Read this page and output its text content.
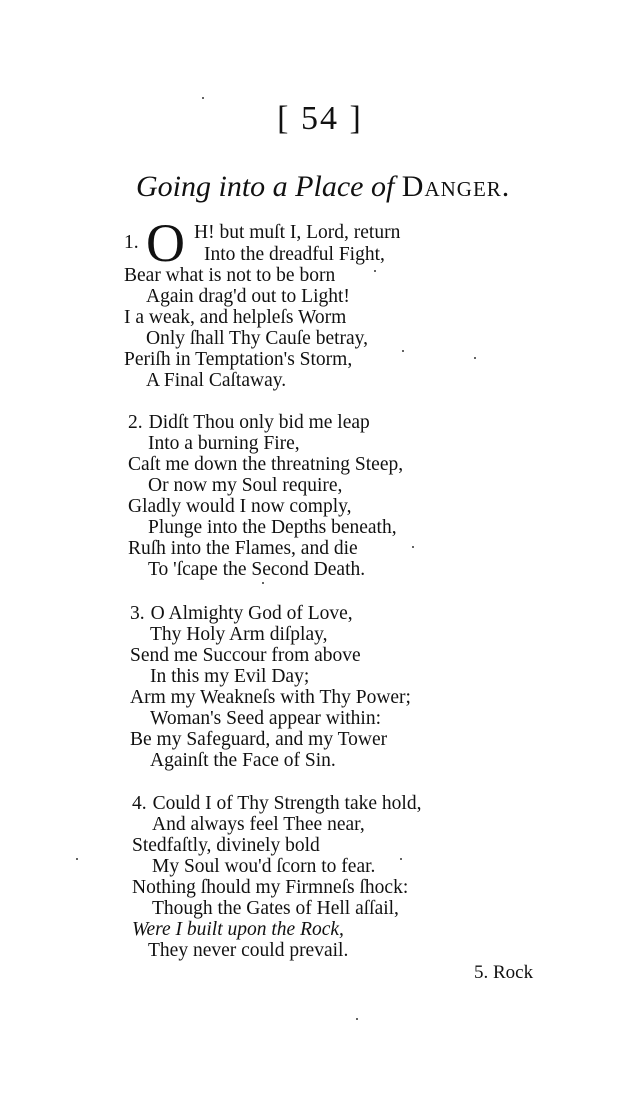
[ 54 ]
Going into a Place of Danger.
1. O H! but muſt I, Lord, return
Into the dreadful Fight,
Bear what is not to be born
Again drag'd out to Light!
I a weak, and helpleſs Worm
Only ſhall Thy Cauſe betray,
Periſh in Temptation's Storm,
A Final Caſtaway.
2. Didſt Thou only bid me leap
Into a burning Fire,
Caſt me down the threatning Steep,
Or now my Soul require,
Gladly would I now comply,
Plunge into the Depths beneath,
Ruſh into the Flames, and die
To 'ſcape the Second Death.
3. O Almighty God of Love,
Thy Holy Arm diſplay,
Send me Succour from above
In this my Evil Day;
Arm my Weakneſs with Thy Power;
Woman's Seed appear within:
Be my Safeguard, and my Tower
Againſt the Face of Sin.
4. Could I of Thy Strength take hold,
And always feel Thee near,
Stedfaſtly, divinely bold
My Soul wou'd ſcorn to fear.
Nothing ſhould my Firmneſs ſhock:
Though the Gates of Hell aſſail,
Were I built upon the Rock,
They never could prevail.
5. Rock
